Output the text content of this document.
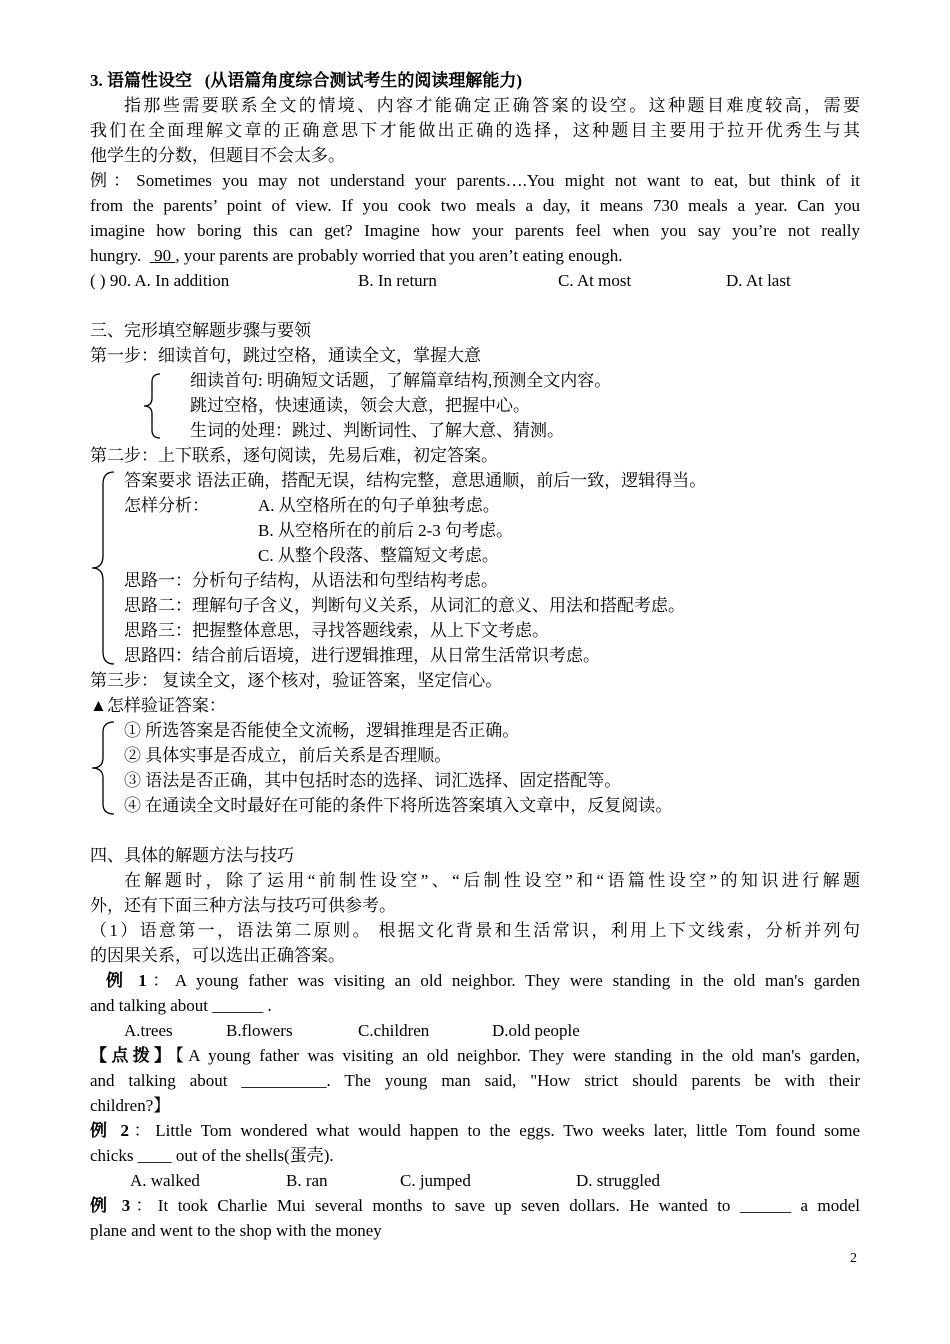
3. 语篇性设空 (从语篇角度综合测试考生的阅读理解能力)
指那些需要联系全文的情境、内容才能确定正确答案的设空。这种题目难度较高，需要
我们在全面理解文章的正确意思下才能做出正确的选择，这种题目主要用于拉开优秀生与其
他学生的分数，但题目不会太多。
例：Sometimes you may not understand your parents….You might not want to eat, but think of it
from the parents’ point of view. If you cook two meals a day, it means 730 meals a year. Can you
imagine how boring this can get? Imagine how your parents feel when you say you’re not really
hungry.   90 , your parents are probably worried that you aren’t eating enough.
( ) 90. A. In addition	B. In return	C. At most	D. At last
三、完形填空解题步骤与要领
第一步：细读首句，跳过空格，通读全文，掌握大意
细读首句: 明确短文话题，了解篇章结构,预测全文内容。
跳过空格，快速通读，领会大意，把握中心。
生词的处理：跳过、判断词性、了解大意、猜测。
第二步：上下联系，逐句阅读，先易后难，初定答案。
答案要求 语法正确，搭配无误，结构完整，意思通顺，前后一致，逻辑得当。
怎样分析：	A. 从空格所在的句子单独考虑。
B. 从空格所在的前后 2-3 句考虑。
C. 从整个段落、整篇短文考虑。
思路一：分析句子结构，从语法和句型结构考虑。
思路二：理解句子含义，判断句义关系，从词汇的意义、用法和搭配考虑。
思路三：把握整体意思，寻找答题线索，从上下文考虑。
思路四：结合前后语境，进行逻辑推理，从日常生活常识考虑。
第三步： 复读全文，逐个核对，验证答案，坚定信心。
▲怎样验证答案：
① 所选答案是否能使全文流畅，逻辑推理是否正确。
② 具体实事是否成立，前后关系是否理顺。
③ 语法是否正确，其中包括时态的选择、词汇选择、固定搭配等。
④ 在通读全文时最好在可能的条件下将所选答案填入文章中，反复阅读。
四、具体的解题方法与技巧
在解题时，除了运用“前制性设空”、“后制性设空”和“语篇性设空”的知识进行解题
外，还有下面三种方法与技巧可供参考。
（1）语意第一，语法第二原则。 根据文化背景和生活常识，利用上下文线索，分析并列句
的因果关系，可以选出正确答案。
例 1：A young father was visiting an old neighbor. They were standing in the old man's garden
and talking about ______ .
A.trees	B.flowers	C.children	D.old people
【点拨】【A young father was visiting an old neighbor. They were standing in the old man's garden,
and talking about __________. The young man said, "How strict should parents be with their
children?】
例 2：Little Tom wondered what would happen to the eggs. Two weeks later, little Tom found some
chicks ____ out of the shells(蛋壳).
A. walked	B. ran	C. jumped	D. struggled
例 3：It took Charlie Mui several months to save up seven dollars. He wanted to ______ a model
plane and went to the shop with the money
2
